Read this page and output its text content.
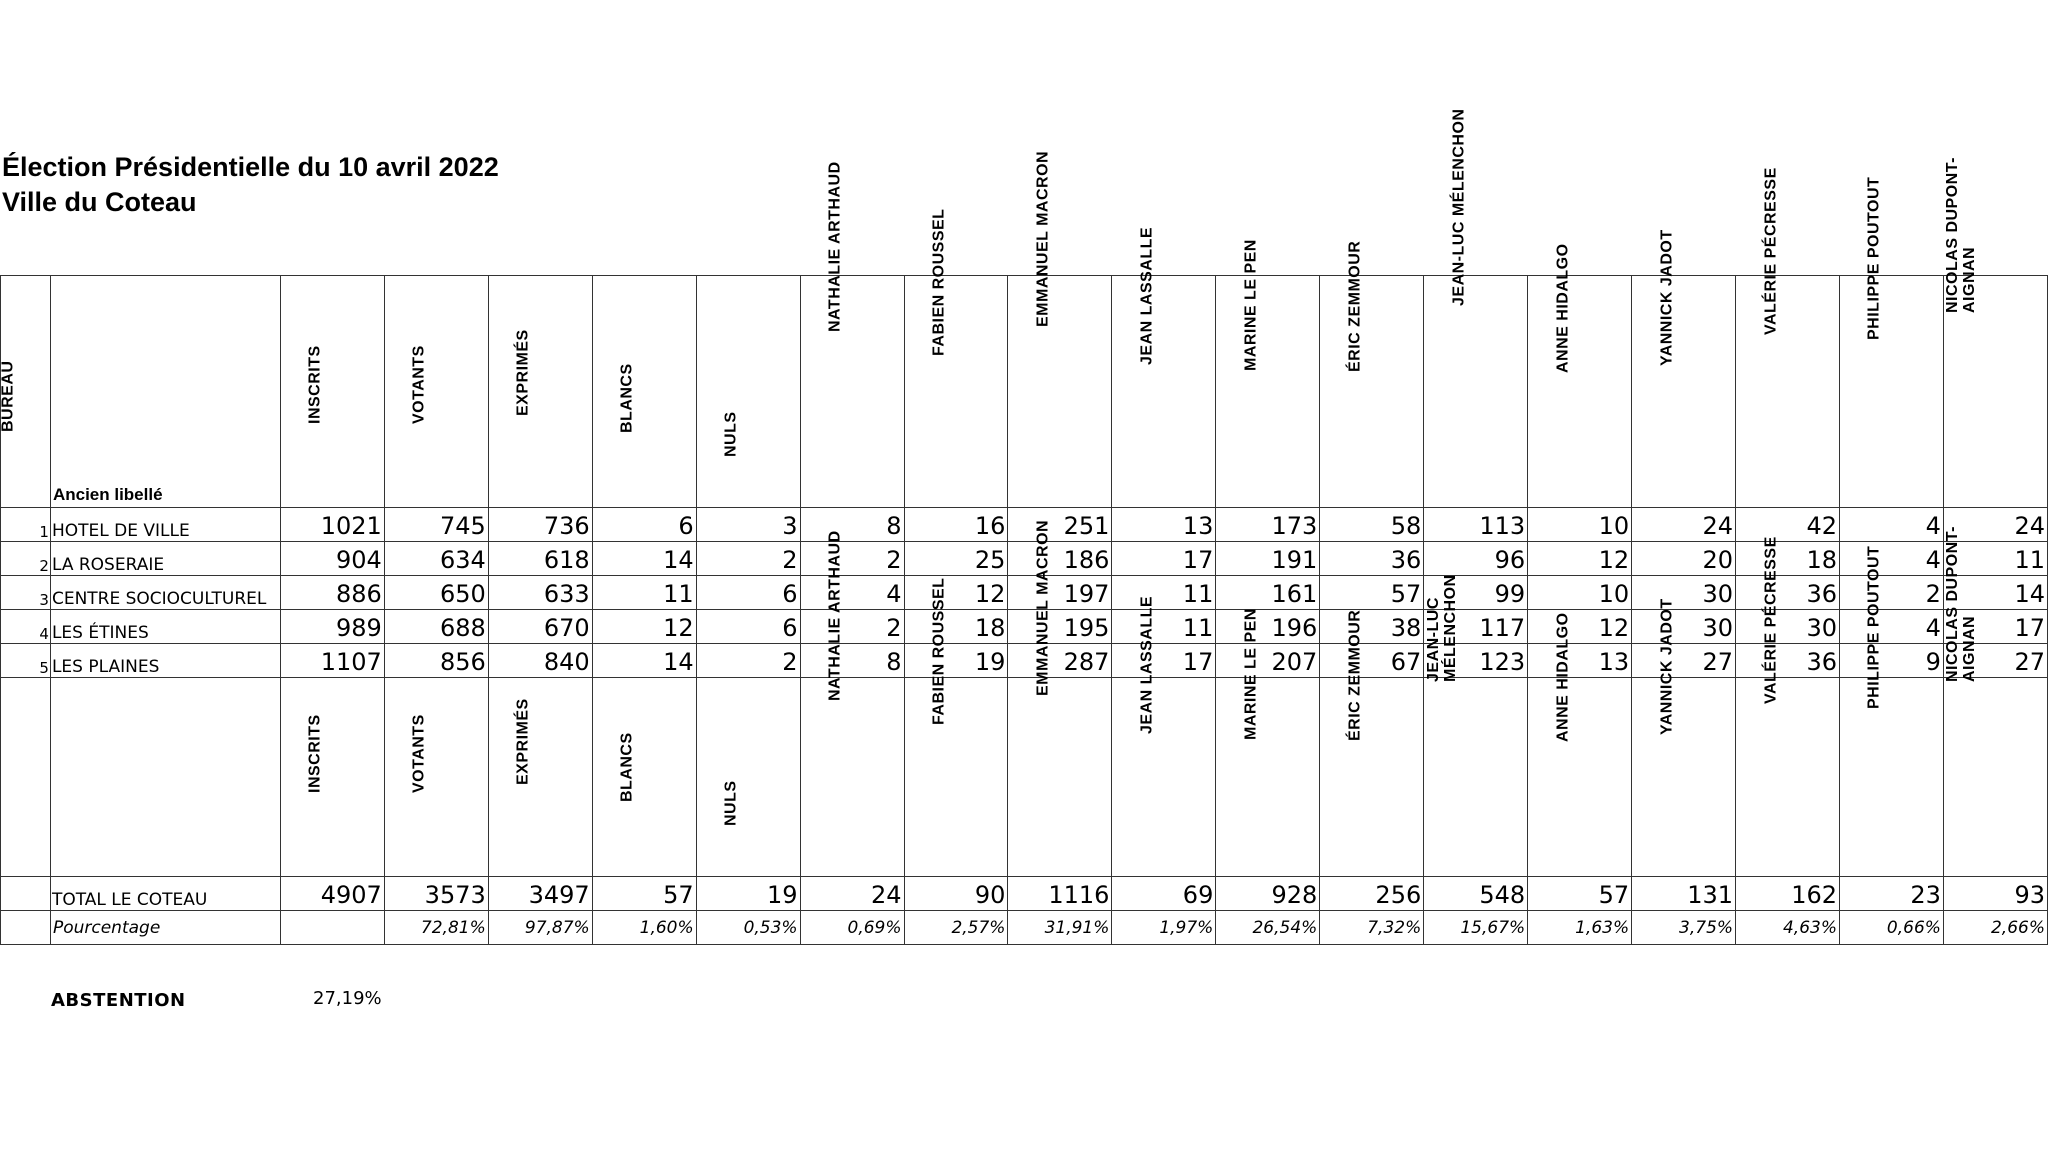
Élection Présidentielle du 10 avril 2022
Ville du Coteau
BUREAU	Ancien libellé	INSCRITS	VOTANTS	EXPRIMÉS	BLANCS	NULS	NATHALIE ARTHAUD	FABIEN ROUSSEL	EMMANUEL MACRON	JEAN LASSALLE	MARINE LE PEN	ÉRIC ZEMMOUR	JEAN-LUC MÉLENCHON	ANNE HIDALGO	YANNICK JADOT	VALÉRIE PÉCRESSE	PHILIPPE POUTOUT	NICOLAS DUPONT-AIGNAN

1	HOTEL DE VILLE	1021	745	736	6	3	8	16	251	13	173	58	113	10	24	42	4	24
2	LA ROSERAIE	904	634	618	14	2	2	25	186	17	191	36	96	12	20	18	4	11
3	CENTRE SOCIOCULTUREL	886	650	633	11	6	4	12	197	11	161	57	99	10	30	36	2	14
4	LES ÉTINES	989	688	670	12	6	2	18	195	11	196	38	117	12	30	30	4	17
5	LES PLAINES	1107	856	840	14	2	8	19	287	17	207	67	123	13	27	36	9	27

		INSCRITS	VOTANTS	EXPRIMÉS	BLANCS	NULS	NATHALIE ARTHAUD	FABIEN ROUSSEL	EMMANUEL MACRON	JEAN LASSALLE	MARINE LE PEN	ÉRIC ZEMMOUR	JEAN-LUC MÉLENCHON	ANNE HIDALGO	YANNICK JADOT	VALÉRIE PÉCRESSE	PHILIPPE POUTOUT	NICOLAS DUPONT-AIGNAN

	TOTAL LE COTEAU	4907	3573	3497	57	19	24	90	1116	69	928	256	548	57	131	162	23	93
	Pourcentage		72,81%	97,87%	1,60%	0,53%	0,69%	2,57%	31,91%	1,97%	26,54%	7,32%	15,67%	1,63%	3,75%	4,63%	0,66%	2,66%
ABSTENTION	27,19%
